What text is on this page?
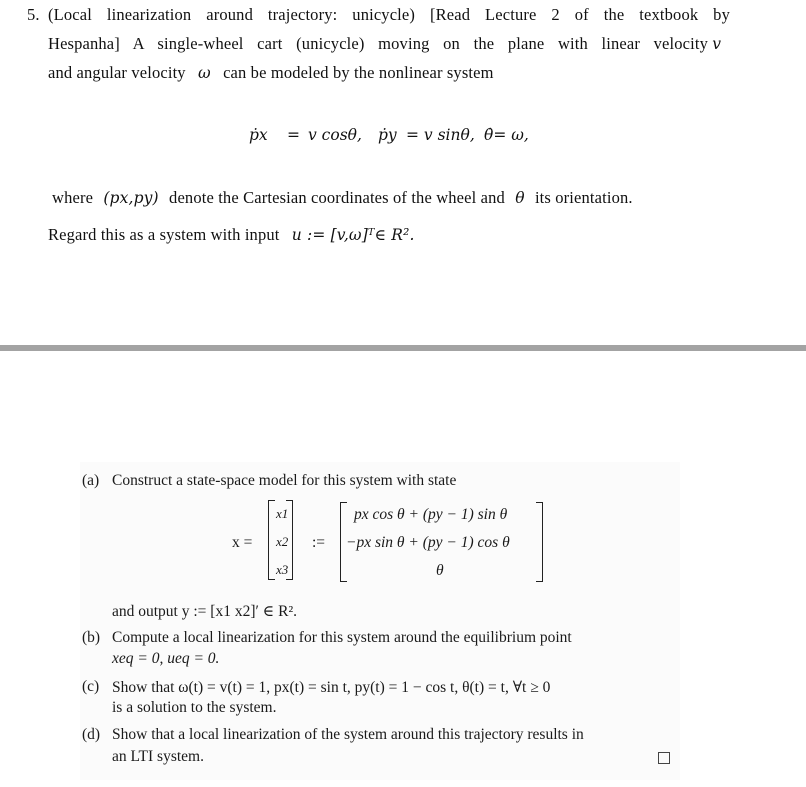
5. (Local linearization around trajectory: unicycle) [Read Lecture 2 of the textbook by
Hespanha] A single-wheel cart (unicycle) moving on the plane with linear velocity v
and angular velocity ω can be modeled by the nonlinear system
ṗx = v cosθ, ṗy = v sinθ, θ̇= ω,
where (px,py) denote the Cartesian coordinates of the wheel and θ its orientation.
Regard this as a system with input u := [v,ω]ᵀ∈ R².
(a) Construct a state-space model for this system with state
x =
x1
x2
x3
:=
px cos θ + (py − 1) sin θ
−px sin θ + (py − 1) cos θ
θ
and output y := [x1 x2]′ ∈ R².
(b) Compute a local linearization for this system around the equilibrium point
xeq = 0, ueq = 0.
(c) Show that ω(t) = v(t) = 1, px(t) = sin t, py(t) = 1 − cos t, θ(t) = t, ∀t ≥ 0
is a solution to the system.
(d) Show that a local linearization of the system around this trajectory results in
an LTI system.
